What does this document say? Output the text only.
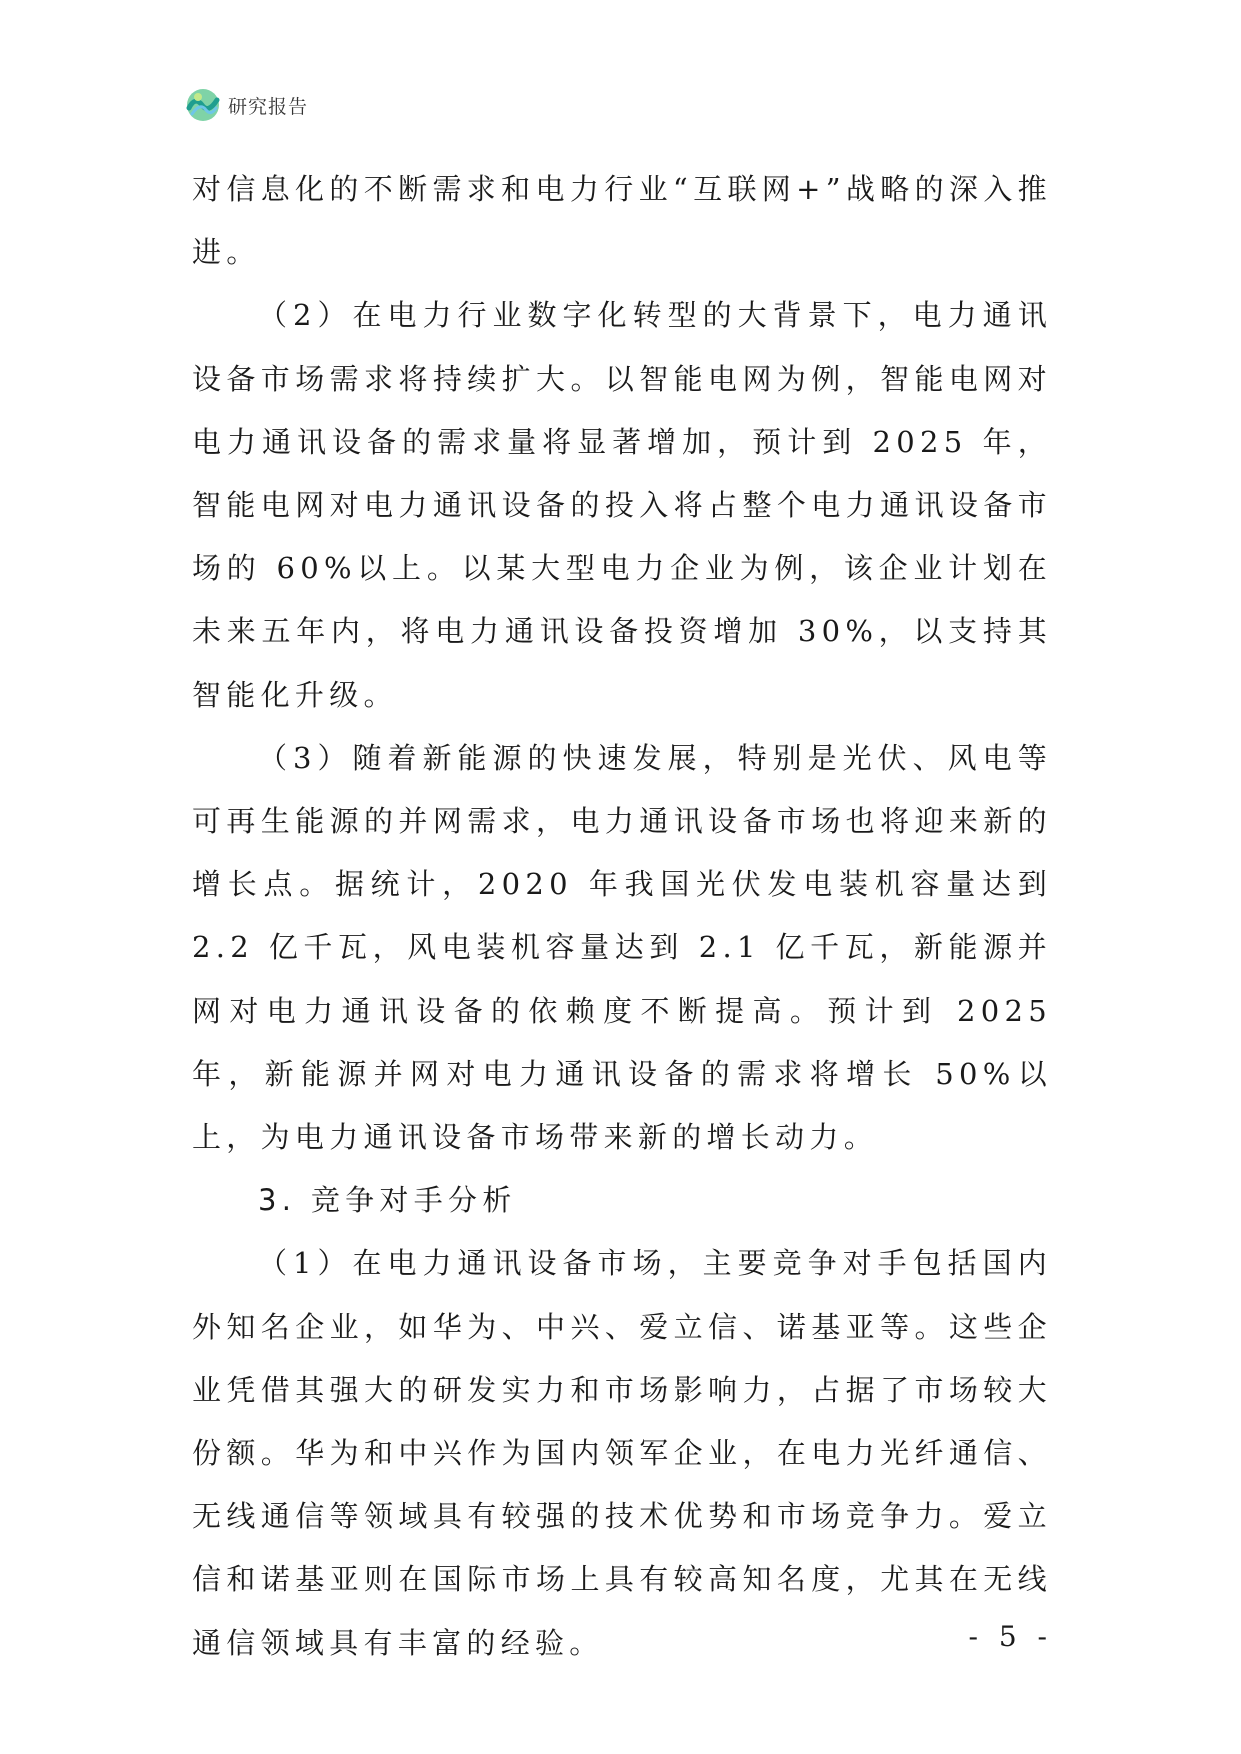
研究报告

对信息化的不断需求和电力行业“互联网+”战略的深入推进。

（2）在电力行业数字化转型的大背景下，电力通讯设备市场需求将持续扩大。以智能电网为例，智能电网对电力通讯设备的需求量将显著增加，预计到 2025 年，智能电网对电力通讯设备的投入将占整个电力通讯设备市场的 60%以上。以某大型电力企业为例，该企业计划在未来五年内，将电力通讯设备投资增加 30%，以支持其智能化升级。

（3）随着新能源的快速发展，特别是光伏、风电等可再生能源的并网需求，电力通讯设备市场也将迎来新的增长点。据统计，2020 年我国光伏发电装机容量达到 2.2 亿千瓦，风电装机容量达到 2.1 亿千瓦，新能源并网对电力通讯设备的依赖度不断提高。预计到 2025 年，新能源并网对电力通讯设备的需求将增长 50%以上，为电力通讯设备市场带来新的增长动力。

3. 竞争对手分析

（1）在电力通讯设备市场，主要竞争对手包括国内外知名企业，如华为、中兴、爱立信、诺基亚等。这些企业凭借其强大的研发实力和市场影响力，占据了市场较大份额。华为和中兴作为国内领军企业，在电力光纤通信、无线通信等领域具有较强的技术优势和市场竞争力。爱立信和诺基亚则在国际市场上具有较高知名度，尤其在无线通信领域具有丰富的经验。	- 5 -
